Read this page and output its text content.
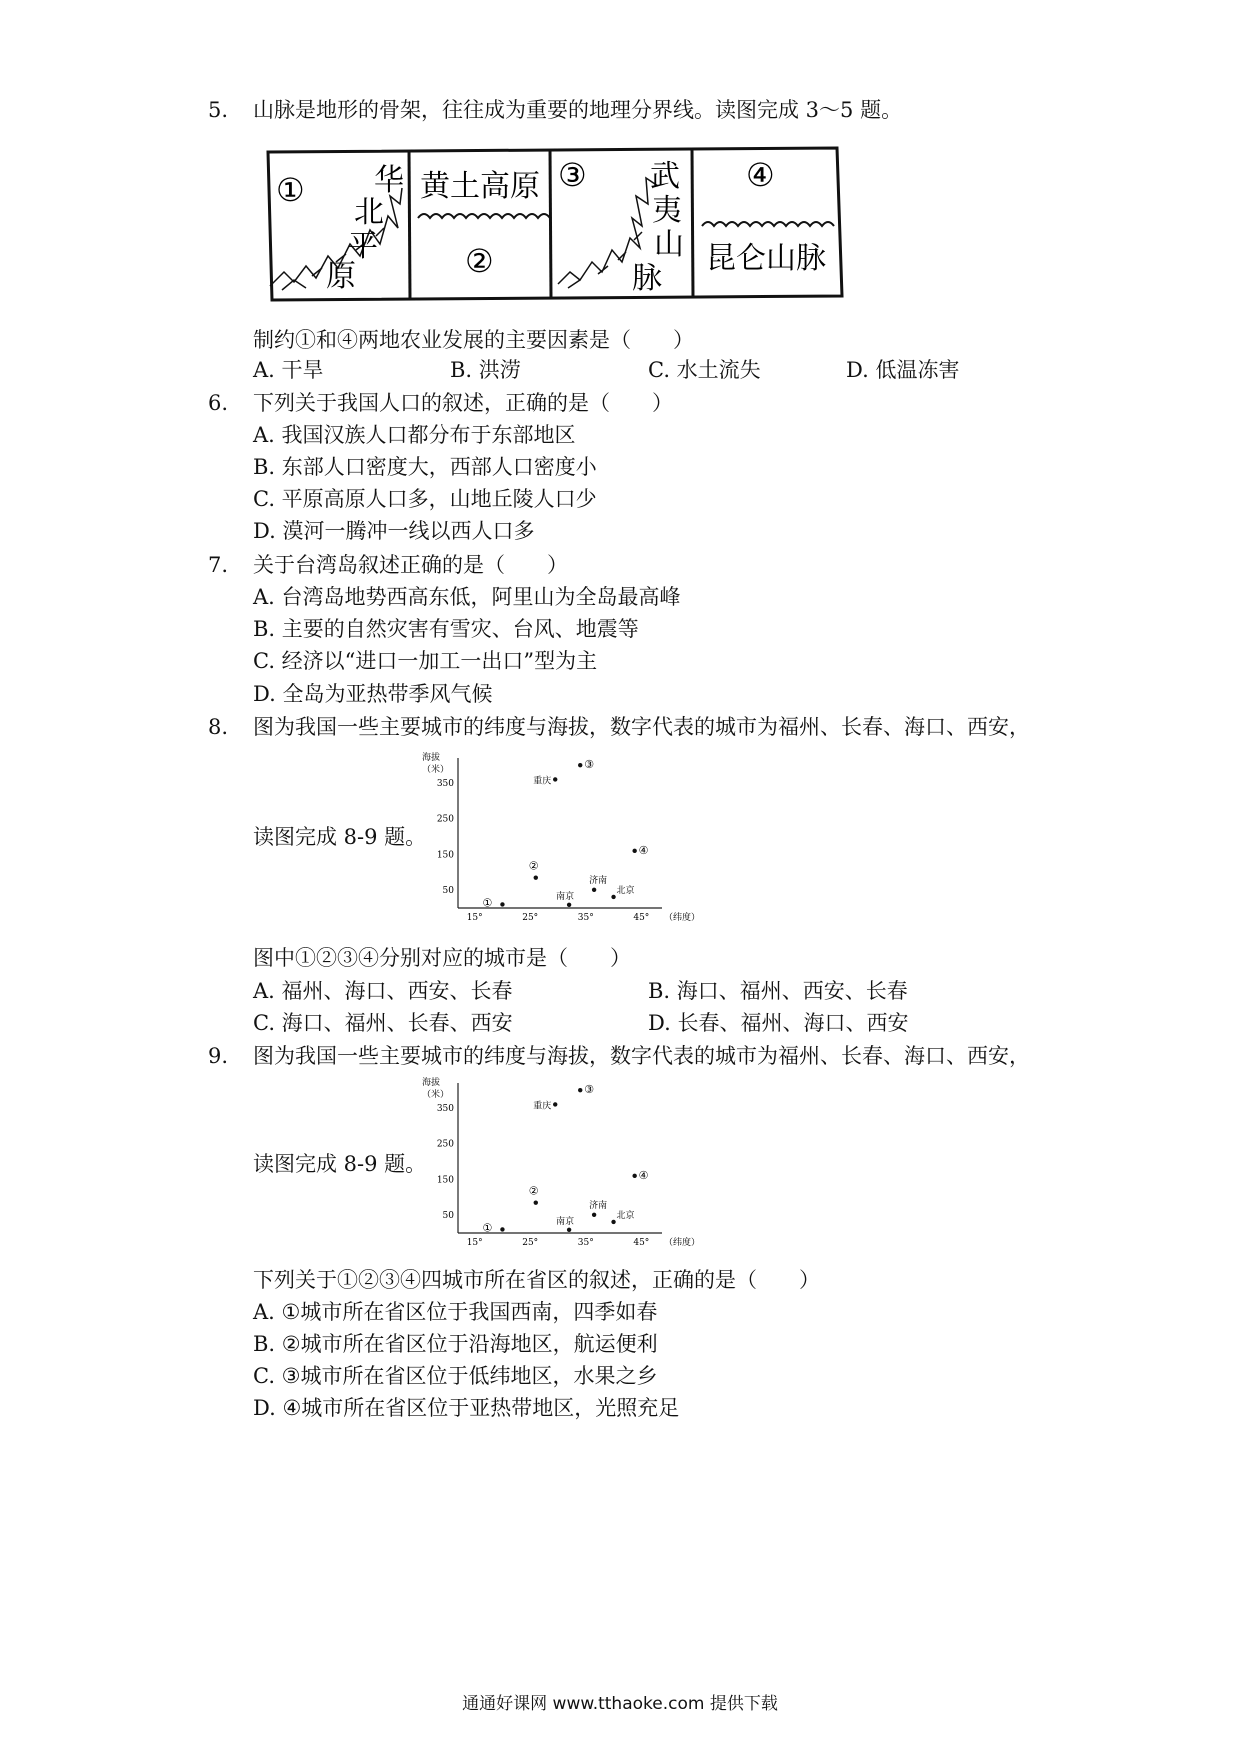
5. 山脉是地形的骨架，往往成为重要的地理分界线。读图完成 3～5 题。
① 华
北
平
原
黄土高原
②
③ 武
夷
山
脉
④
昆仑山脉
制约①和④两地农业发展的主要因素是（　　）
A. 干旱	B. 洪涝	C. 水土流失	D. 低温冻害
6. 下列关于我国人口的叙述，正确的是（　　）
A. 我国汉族人口都分布于东部地区
B. 东部人口密度大，西部人口密度小
C. 平原高原人口多，山地丘陵人口少
D. 漠河一腾冲一线以西人口多
7. 关于台湾岛叙述正确的是（　　）
A. 台湾岛地势西高东低，阿里山为全岛最高峰
B. 主要的自然灾害有雪灾、台风、地震等
C. 经济以“进口一加工一出口”型为主
D. 全岛为亚热带季风气候
8. 图为我国一些主要城市的纬度与海拔，数字代表的城市为福州、长春、海口、西安，
读图完成 8-9 题。
海拔
（米）
（纬度）
50
150
250
350
15°	25°	35°	45°
①
②
重庆
③
南京
济南
北京
④
图中①②③④分别对应的城市是（　　）
A. 福州、海口、西安、长春	B. 海口、福州、西安、长春
C. 海口、福州、长春、西安	D. 长春、福州、海口、西安
9. 图为我国一些主要城市的纬度与海拔，数字代表的城市为福州、长春、海口、西安，
读图完成 8-9 题。
海拔
（米）
（纬度）
50
150
250
350
15°	25°	35°	45°
①
②
重庆
③
南京
济南
北京
④
下列关于①②③④四城市所在省区的叙述，正确的是（　　）
A. ①城市所在省区位于我国西南，四季如春
B. ②城市所在省区位于沿海地区，航运便利
C. ③城市所在省区位于低纬地区，水果之乡
D. ④城市所在省区位于亚热带地区，光照充足
通通好课网 www.tthaoke.com 提供下载
